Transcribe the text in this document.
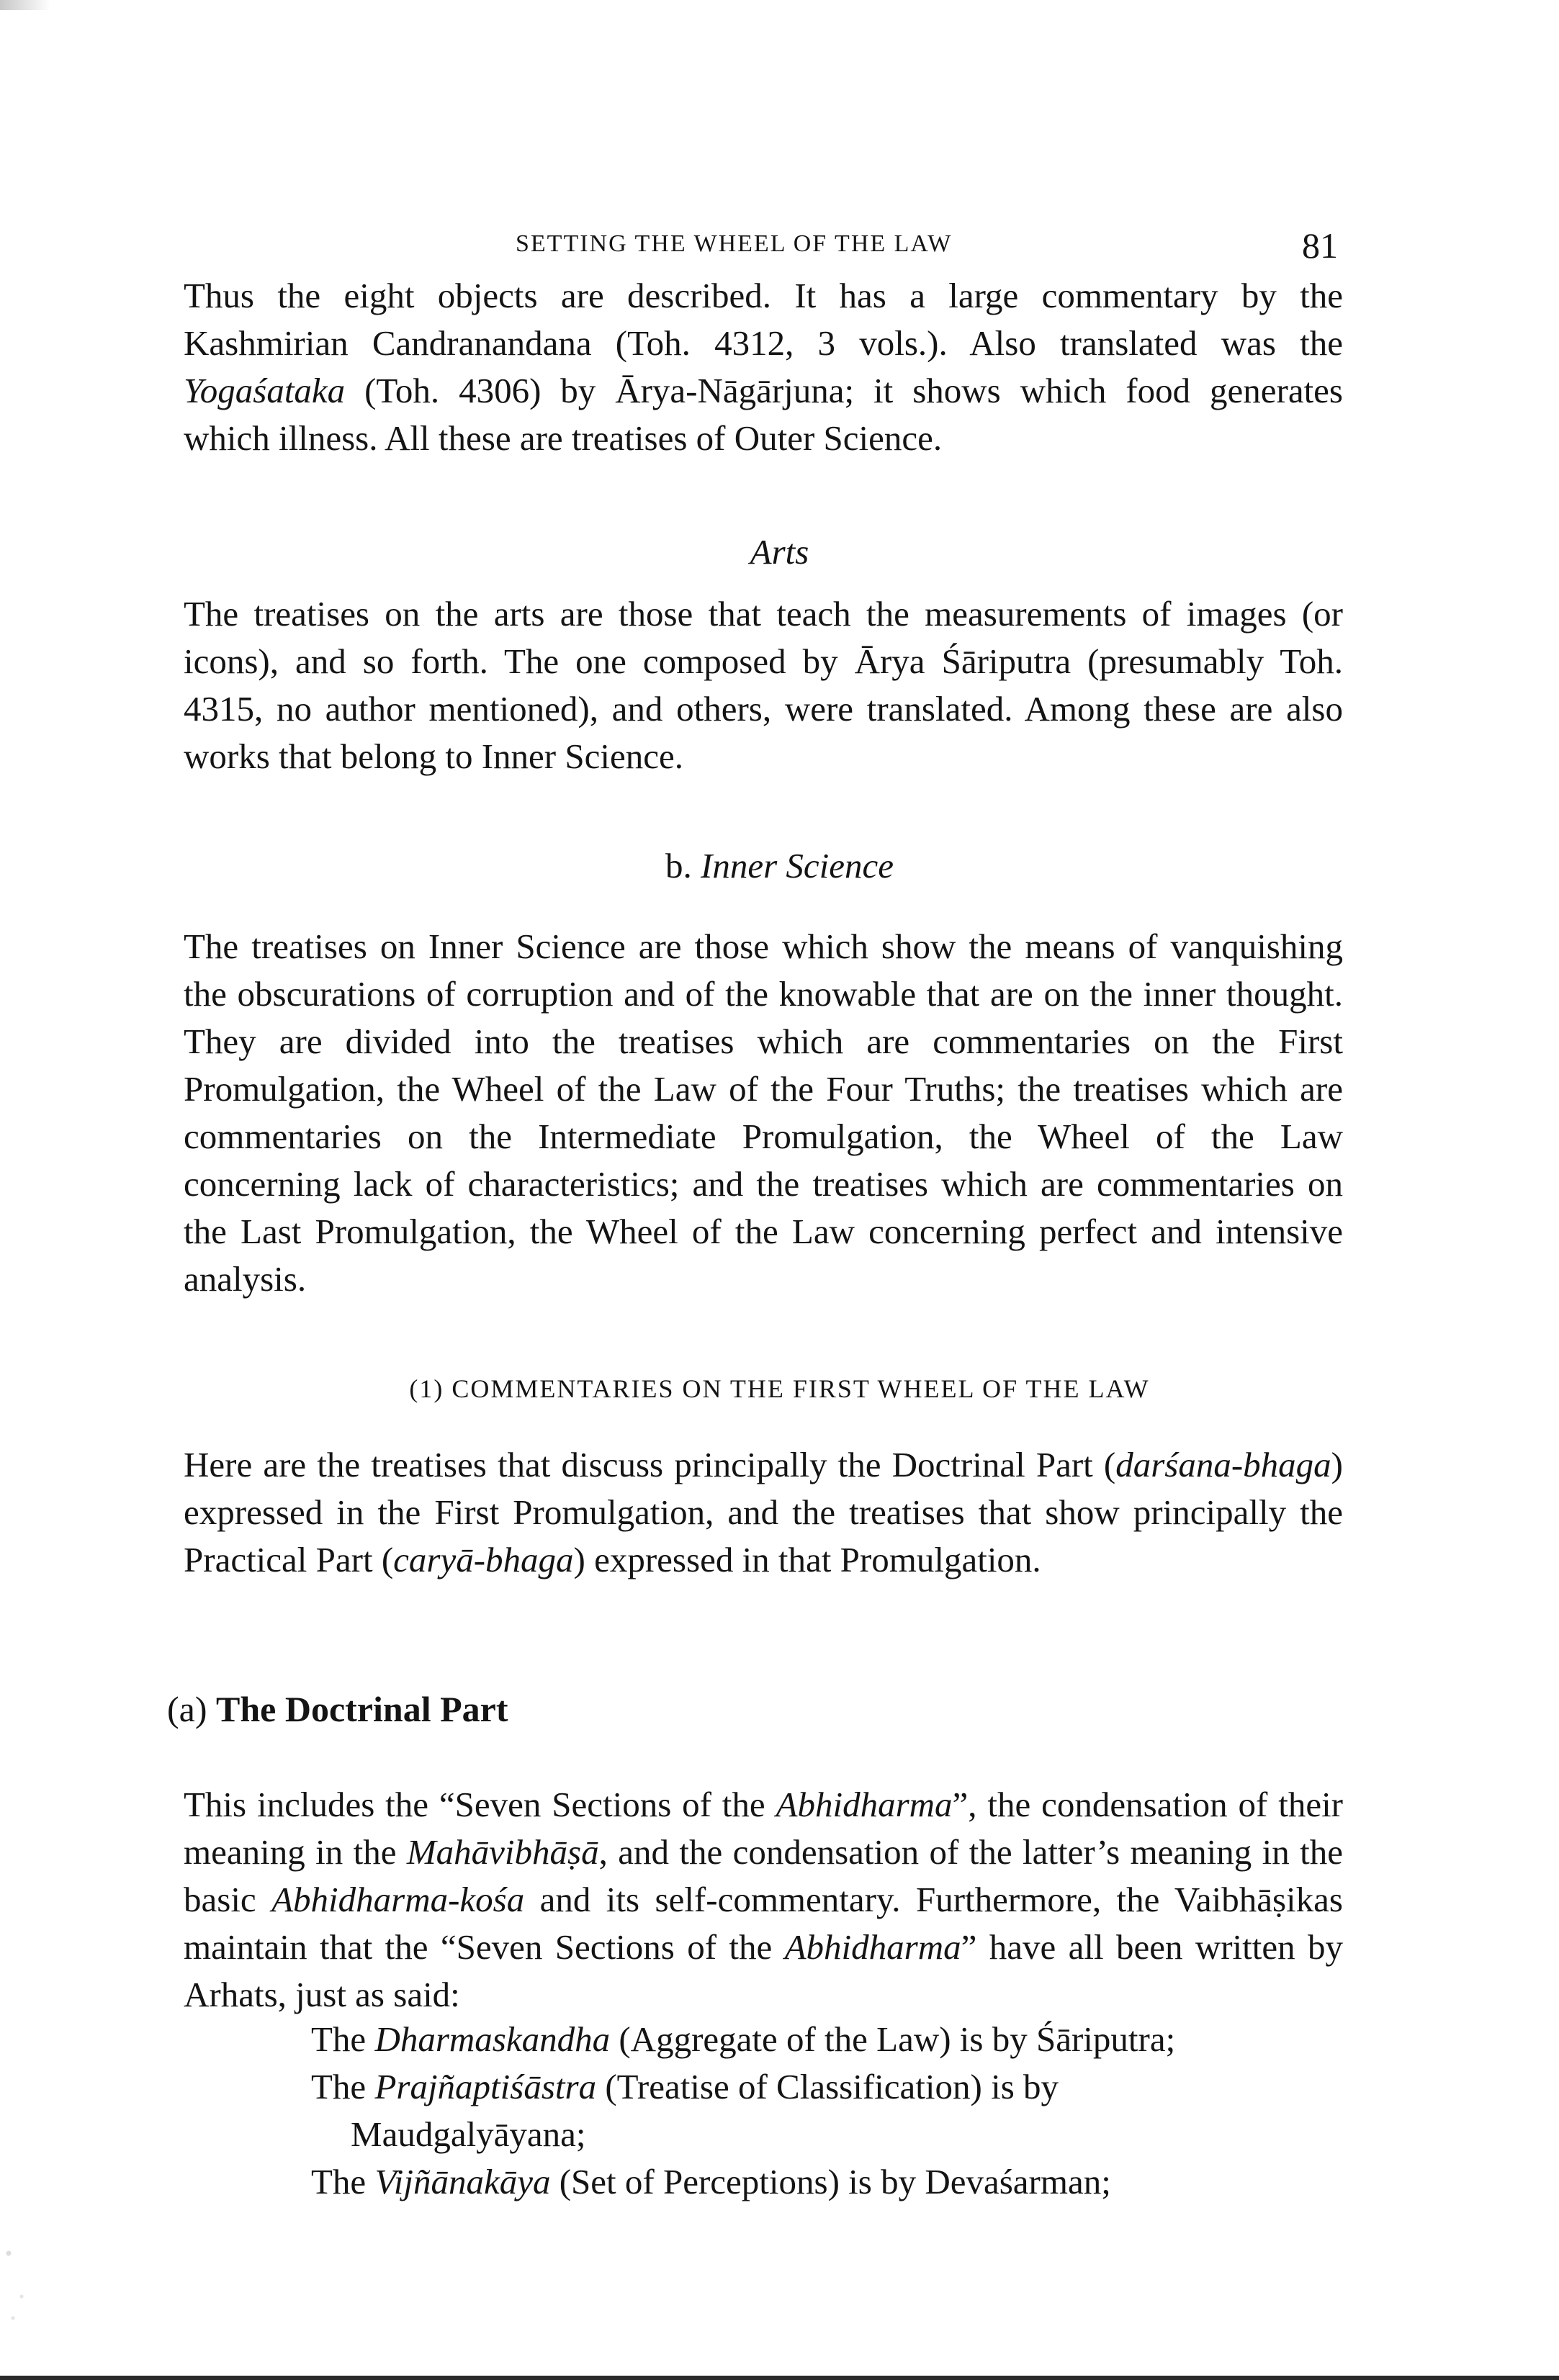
SETTING THE WHEEL OF THE LAW	81

Thus the eight objects are described. It has a large commentary by the Kashmirian Candranandana (Toh. 4312, 3 vols.). Also translated was the Yogaśataka (Toh. 4306) by Ārya-Nāgārjuna; it shows which food generates which illness. All these are treatises of Outer Science.

Arts

The treatises on the arts are those that teach the measurements of images (or icons), and so forth. The one composed by Ārya Śāriputra (presumably Toh. 4315, no author mentioned), and others, were translated. Among these are also works that belong to Inner Science.

b. Inner Science

The treatises on Inner Science are those which show the means of vanquishing the obscurations of corruption and of the knowable that are on the inner thought. They are divided into the treatises which are commentaries on the First Promulgation, the Wheel of the Law of the Four Truths; the treatises which are commentaries on the Intermediate Promulgation, the Wheel of the Law concerning lack of characteristics; and the treatises which are commentaries on the Last Promulgation, the Wheel of the Law concerning perfect and intensive analysis.

(1) COMMENTARIES ON THE FIRST WHEEL OF THE LAW

Here are the treatises that discuss principally the Doctrinal Part (darśana-bhaga) expressed in the First Promulgation, and the treatises that show principally the Practical Part (caryā-bhaga) expressed in that Promulgation.

(a) The Doctrinal Part

This includes the “Seven Sections of the Abhidharma”, the condensation of their meaning in the Mahāvibhāṣā, and the condensation of the latter’s meaning in the basic Abhidharma-kośa and its self-commentary. Furthermore, the Vaibhāṣikas maintain that the “Seven Sections of the Abhidharma” have all been written by Arhats, just as said:

The Dharmaskandha (Aggregate of the Law) is by Śāriputra;
The Prajñaptiśāstra (Treatise of Classification) is by
Maudgalyāyana;
The Vijñānakāya (Set of Perceptions) is by Devaśarman;
